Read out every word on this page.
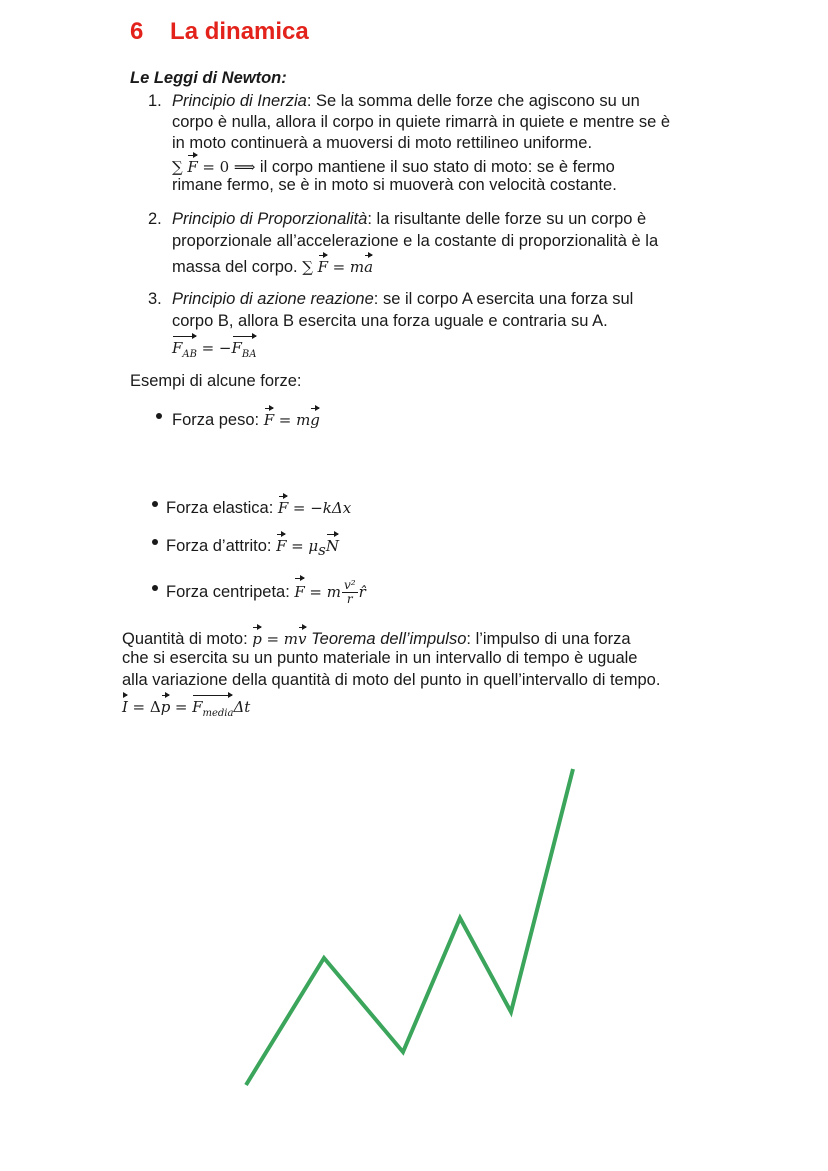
6 La dinamica
Le Leggi di Newton:
1. Principio di Inerzia: Se la somma delle forze che agiscono su un
corpo è nulla, allora il corpo in quiete rimarrà in quiete e mentre se è
in moto continuerà a muoversi di moto rettilineo uniforme.
∑ F = 0 ⟹ il corpo mantiene il suo stato di moto: se è fermo
rimane fermo, se è in moto si muoverà con velocità costante.
2. Principio di Proporzionalità: la risultante delle forze su un corpo è
proporzionale all’accelerazione e la costante di proporzionalità è la
massa del corpo. ∑ F = ma
3. Principio di azione reazione: se il corpo A esercita una forza sul
corpo B, allora B esercita una forza uguale e contraria su A.
$F_{AB} = -F_{BA}$
Esempi di alcune forze:
Forza peso: F = mg
Forza elastica: F = −kΔx
Forza d’attrito: $F = \mu_sN$
Forza centripeta: F = m $\frac{\text{v²}}{r}$ r̂
Quantità di moto: p = mv Teorema dell’impulso: l’impulso di una forza
che si esercita su un punto materiale in un intervallo di tempo è uguale
alla variazione della quantità di moto del punto in quell’intervallo di tempo.
$I = \Delta p = F_{media}\Delta t$
